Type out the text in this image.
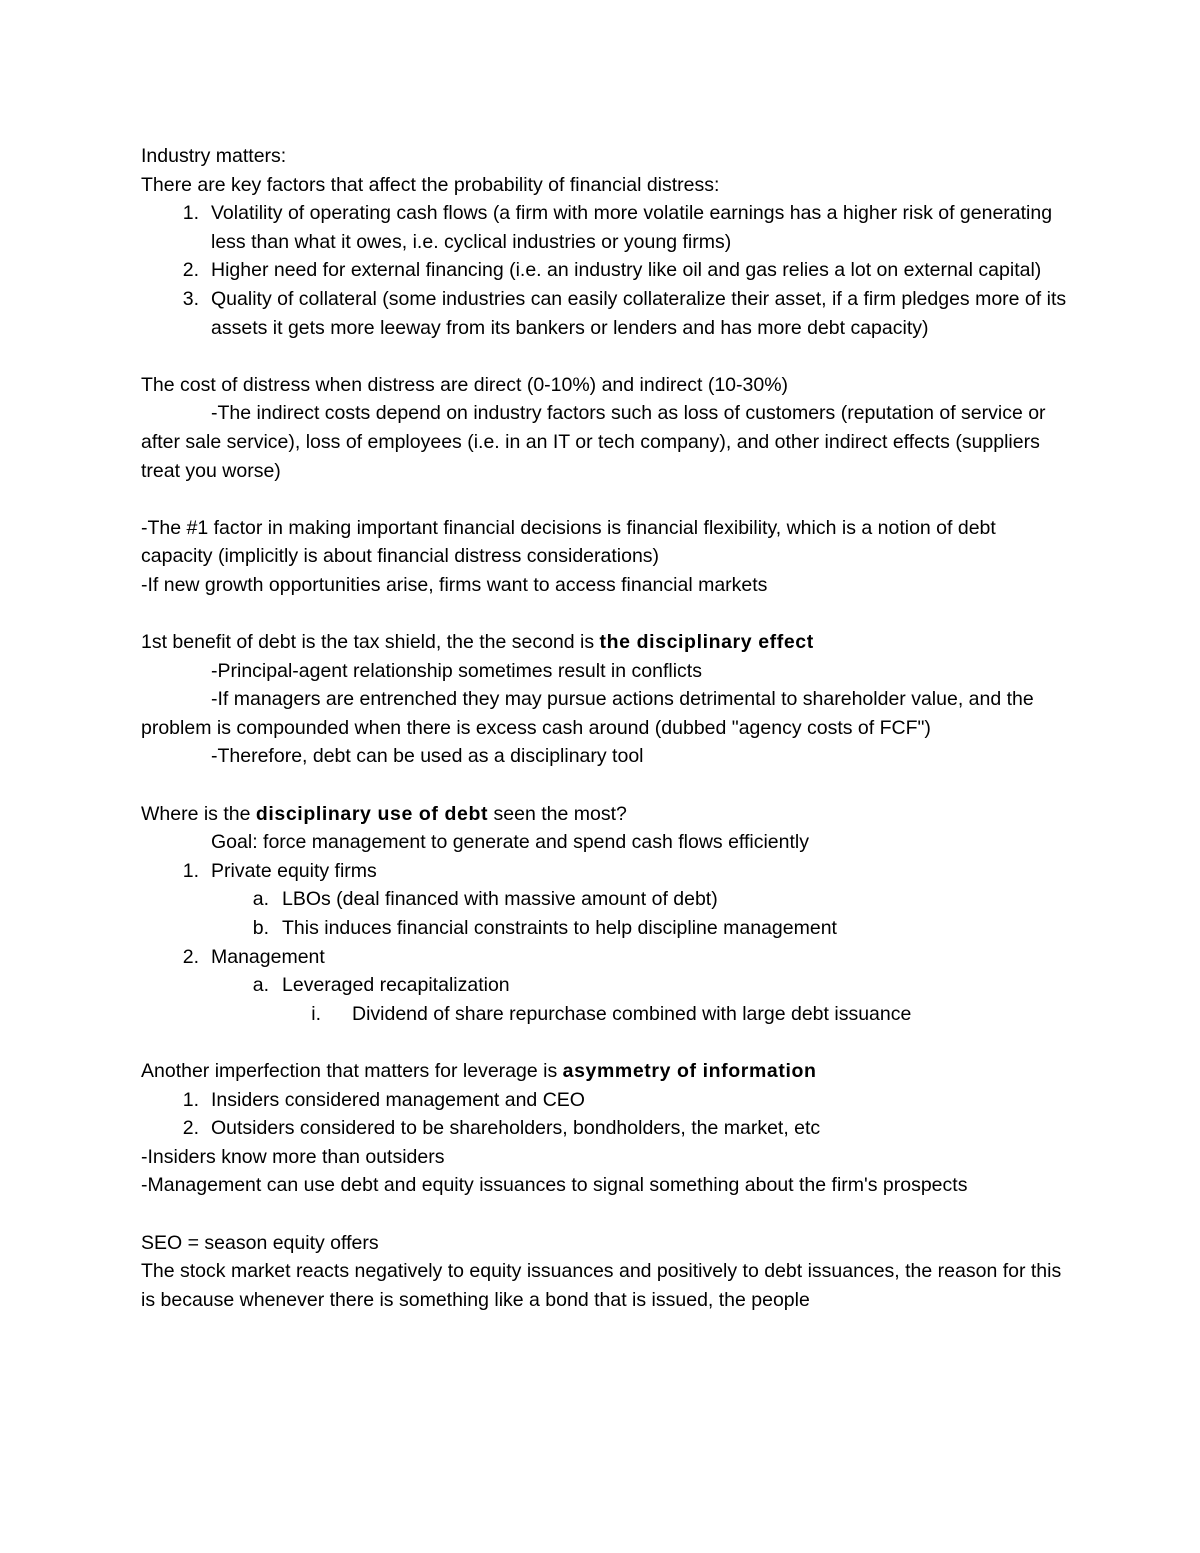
Industry matters:

There are key factors that affect the probability of financial distress:

1. Volatility of operating cash flows (a firm with more volatile earnings has a higher risk of generating less than what it owes, i.e. cyclical industries or young firms)
2. Higher need for external financing (i.e. an industry like oil and gas relies a lot on external capital)
3. Quality of collateral (some industries can easily collateralize their asset, if a firm pledges more of its assets it gets more leeway from its bankers or lenders and has more debt capacity)

The cost of distress when distress are direct (0-10%) and indirect (10-30%)

-The indirect costs depend on industry factors such as loss of customers (reputation of service or after sale service), loss of employees (i.e. in an IT or tech company), and other indirect effects (suppliers treat you worse)

-The #1 factor in making important financial decisions is financial flexibility, which is a notion of debt capacity (implicitly is about financial distress considerations)

-If new growth opportunities arise, firms want to access financial markets

1st benefit of debt is the tax shield, the the second is the disciplinary effect

-Principal-agent relationship sometimes result in conflicts

-If managers are entrenched they may pursue actions detrimental to shareholder value, and the problem is compounded when there is excess cash around (dubbed "agency costs of FCF")

-Therefore, debt can be used as a disciplinary tool

Where is the disciplinary use of debt seen the most?

Goal: force management to generate and spend cash flows efficiently

1. Private equity firms
a. LBOs (deal financed with massive amount of debt)
b. This induces financial constraints to help discipline management
2. Management
a. Leveraged recapitalization
i. Dividend of share repurchase combined with large debt issuance

Another imperfection that matters for leverage is asymmetry of information

1. Insiders considered management and CEO
2. Outsiders considered to be shareholders, bondholders, the market, etc

-Insiders know more than outsiders

-Management can use debt and equity issuances to signal something about the firm's prospects

SEO = season equity offers

The stock market reacts negatively to equity issuances and positively to debt issuances, the reason for this is because whenever there is something like a bond that is issued, the people
